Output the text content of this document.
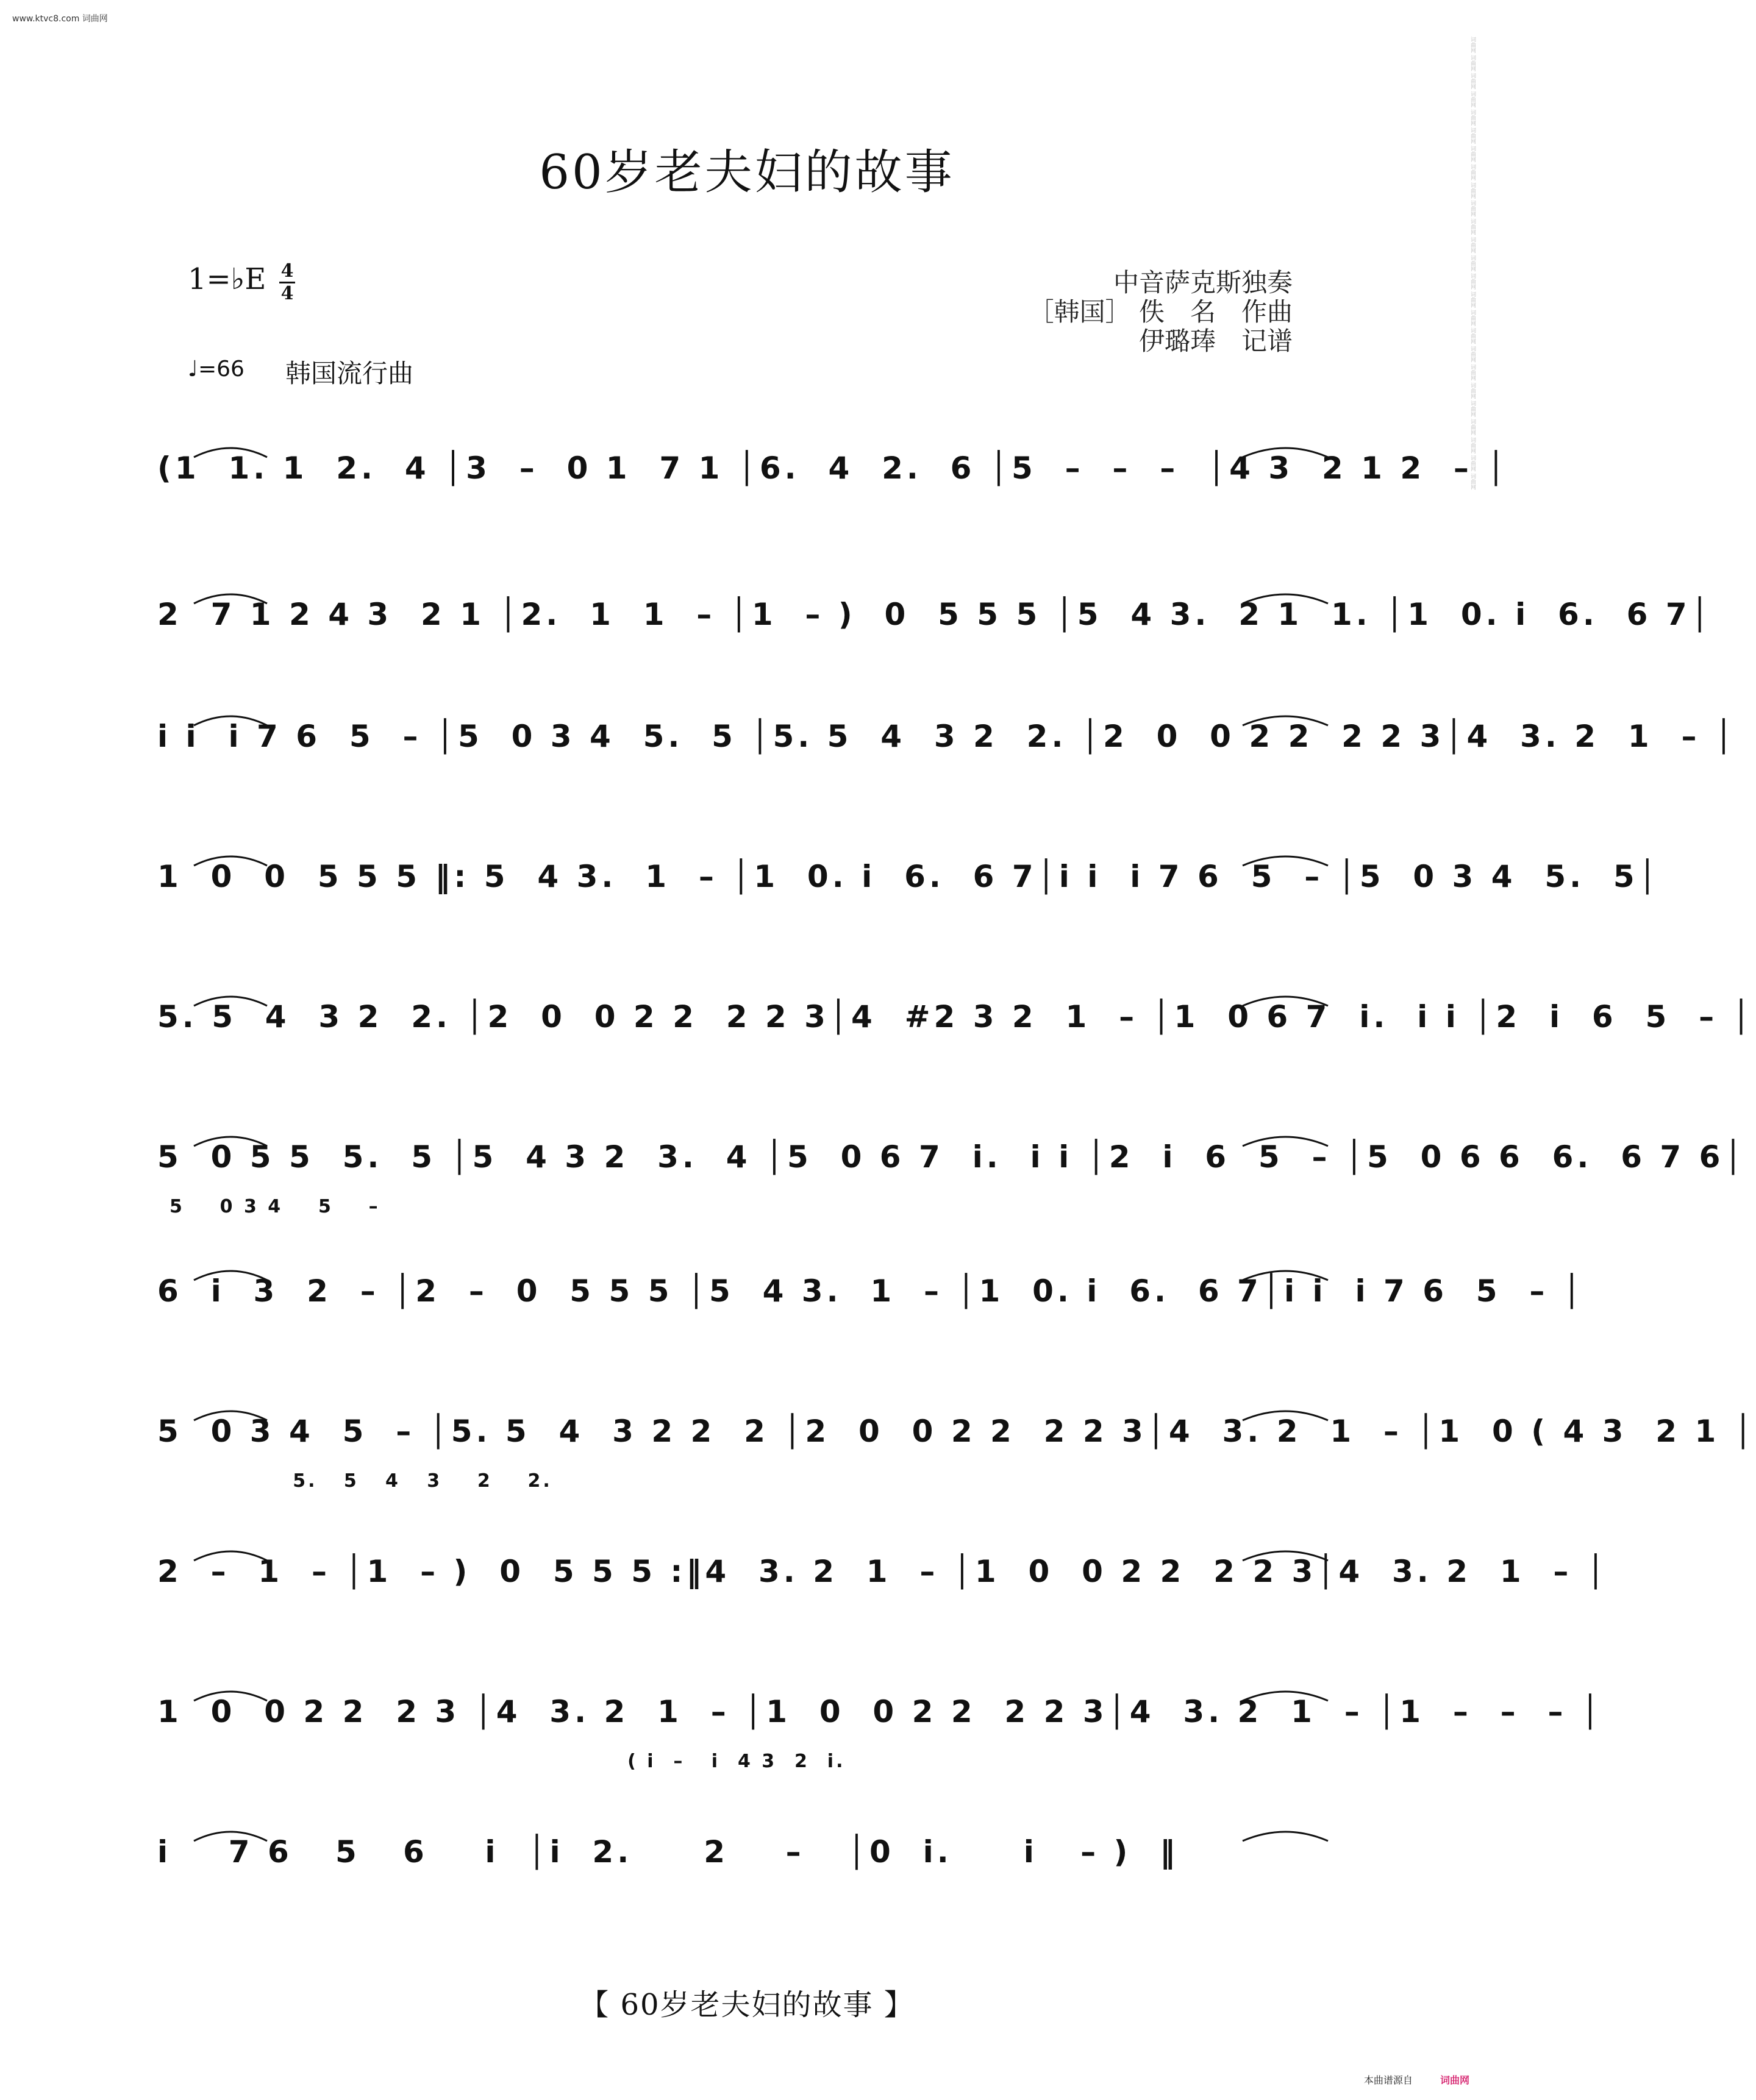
www.ktvc8.com 词曲网
词曲网 词曲网 词曲网 词曲网 词曲网 词曲网 词曲网 词曲网 词曲网 词曲网 词曲网 词曲网 词曲网 词曲网 词曲网 词曲网 词曲网 词曲网 词曲网 词曲网 词曲网 词曲网 词曲网 词曲网 词曲网
60岁老夫妇的故事
1=♭E 4
4
♩=66 韩国流行曲
中音萨克斯独奏
［韩国］ 佚　名　作曲
伊璐琫　记谱
(1  1. 1  2.  4 │3  –  0 1  7 1 │6.  4  2.  6 │5  –  –  –  │4 3  2 1 2  – │
2  7 1 2 4 3  2 1 │2.  1  1  – │1  – )  0  5 5 5 │5  4 3.  2 1  1. │1  0. i  6.  6 7│
i i  i 7 6  5  – │5  0 3 4  5.  5 │5. 5  4  3 2  2. │2  0  0 2 2  2 2 3│4  3. 2  1  – │
1  0  0  5 5 5 ‖: 5  4 3.  1  – │1  0. i  6.  6 7│i i  i 7 6  5  – │5  0 3 4  5.  5│
5. 5  4  3 2  2. │2  0  0 2 2  2 2 3│4  #2 3 2  1  – │1  0 6 7  i.  i i │2  i  6  5  – │
5  0 5 5  5.  5 │5  4 3 2  3.  4 │5  0 6 7  i.  i i │2  i  6  5  – │5  0 6 6  6.  6 7 6│
5    0 3 4    5    –
6  i  3  2  – │2  –  0  5 5 5 │5  4 3.  1  – │1  0. i  6.  6 7│i i  i 7 6  5  – │
5  0 3 4  5  – │5. 5  4  3 2 2  2 │2  0  0 2 2  2 2 3│4  3. 2  1  – │1  0 ( 4 3  2 1 │
5.   5   4   3    2    2.
2  –  1  – │1  – )  0  5 5 5 :‖4  3. 2  1  – │1  0  0 2 2  2 2 3│4  3. 2  1  – │
1  0  0 2 2  2 3 │4  3. 2  1  – │1  0  0 2 2  2 2 3│4  3. 2  1  – │1  –  –  – │
( i  –   i  4 3  2  i.
i    7 6   5   6    i  │i  2.     2    –   │0  i.     i   – )  ‖
【 60岁老夫妇的故事 】
本曲谱源自	词曲网
